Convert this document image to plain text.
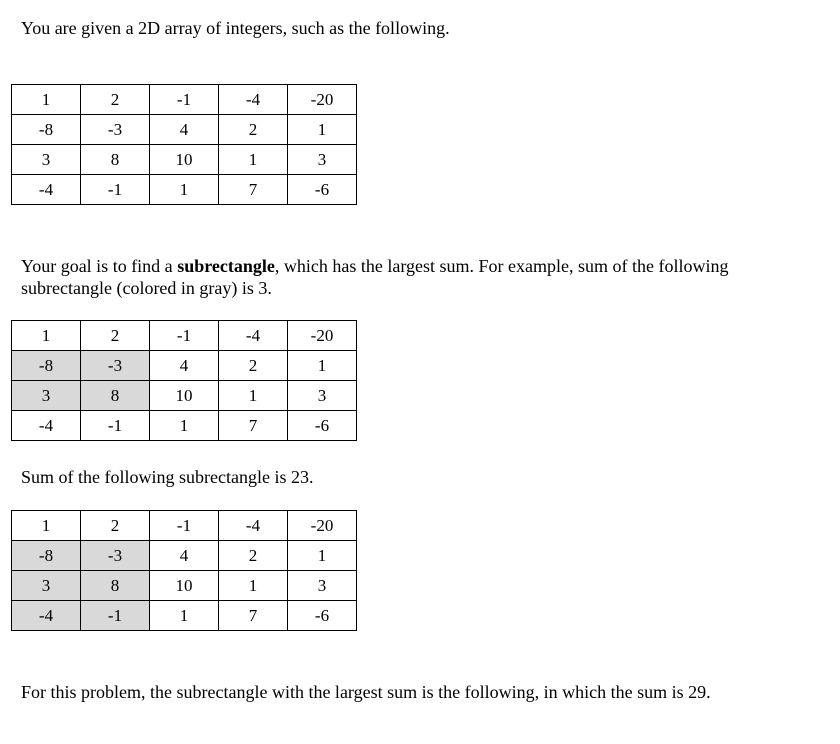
You are given a 2D array of integers, such as the following.

1	2	-1	-4	-20
-8	-3	4	2	1
3	8	10	1	3
-4	-1	1	7	-6

Your goal is to find a subrectangle, which has the largest sum. For example, sum of the following subrectangle (colored in gray) is 3.

1	2	-1	-4	-20
-8	-3	4	2	1
3	8	10	1	3
-4	-1	1	7	-6

Sum of the following subrectangle is 23.

1	2	-1	-4	-20
-8	-3	4	2	1
3	8	10	1	3
-4	-1	1	7	-6

For this problem, the subrectangle with the largest sum is the following, in which the sum is 29.
